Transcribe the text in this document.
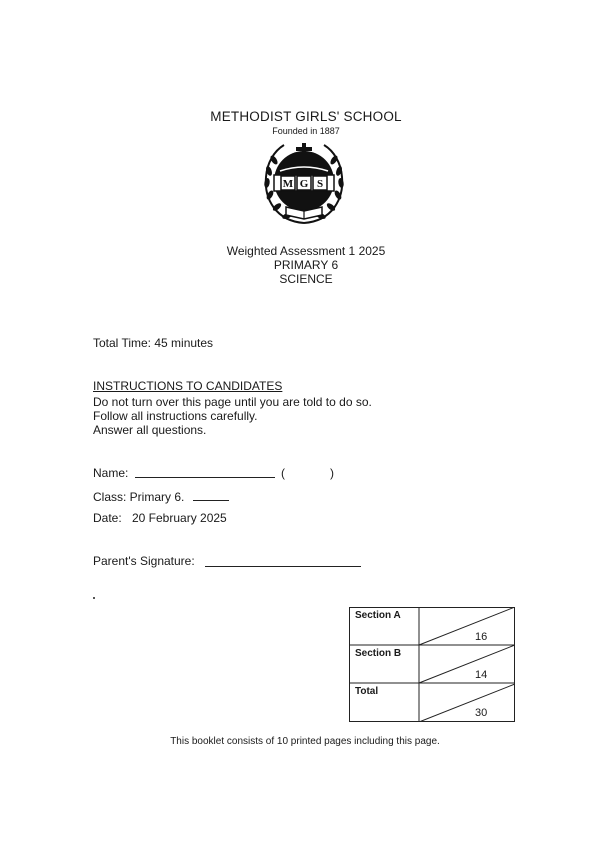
METHODIST GIRLS' SCHOOL
Founded in 1887
M G S
Weighted Assessment 1 2025
PRIMARY 6
SCIENCE
Total Time: 45 minutes
INSTRUCTIONS TO CANDIDATES
Do not turn over this page until you are told to do so.
Follow all instructions carefully.
Answer all questions.
Name:	(	)
Class: Primary 6.
Date: 20 February 2025
Parent's Signature:
Section A
16
Section B
14
Total
30
This booklet consists of 10 printed pages including this page.
